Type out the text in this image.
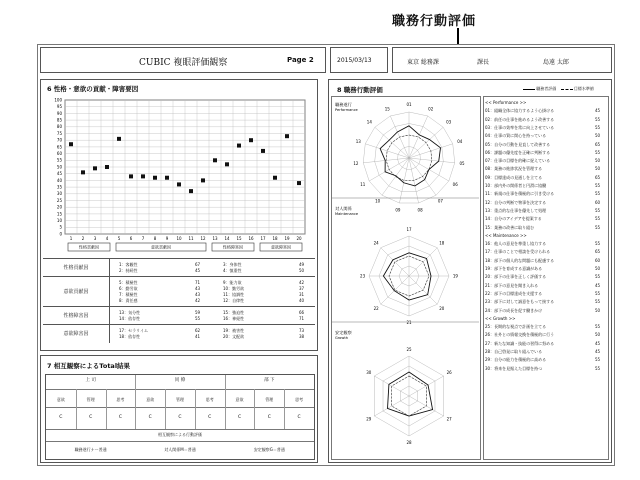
職務行動評価
CUBIC 複眼評価観察	Page 2	2015/03/13	東京 総務課	課長	島遠 太郎
6 性格・意欲の貢献・障害要因
100
95
90
85
80
75
70
65
60
55
50
45
40
35
30
25
20
15
10
5
0
1 2 3 4 5 6 7 8 9 10 11 12 13 14 15 16 17 18 19 20
性格貢献因	意欲貢献因	性格障害因	意欲障害因
性格貢献因
1：客観性	67
2：持続性	45
3：身体性	49
4：慎重性	50
意欲貢献因
5：積極性	71
6：勤労欲	43
7：積極性	43
8：責任感	42
9：能力欲	42
10：勤労欲	37
11：協調性	31
12：自律性	40
性格障害因
13：気分性	59
14：依存性	55
15：強迫性	66
16：神経性	71
意欲障害因
17：セラリイム	62
18：依存性	41
19：被害性	73
20：文配欲	38
7 相互観察によるTotal結果
上 司	同 僚	部 下
意欲	管理	思考	意欲	管理	思考	意欲	管理	思考
C	C	C	C	C	C	C	C	C
相互観察による行動評価
職務遂行ナー普通	対人関係M＝普通	安定観察G＝普通
8 職務行動評価	職務者評価	目標水準値
職務遂行
Performance
01
02
03
04
05
06
07
08
09
10
11
12
13
14
15
対人関係
Maintenance
17
18
19
20
21
22
23
24
安定観察
Growth
25
26
27
28
29
30
<< Performance >>
01：組織全体に協力するよう心掛ける	45
02：前任の仕事を進めるよう改善する	55
03：仕事の効率を常に向上させている	55
04：仕事の質に関心を持っている	50
05：自分の行動を見直して改善する	65
06：課題の優先度を正確に判断する	55
07：仕事の目標を的確に捉えている	50
08：業務の進捗状況を管理する	50
09：目標達成の見通しを立てる	65
10：部内外の関係者と円滑に協働	55
11：新規の仕事を積極的に引き受ける	55
12：自分の判断で物事を決定する	60
13：重点的な仕事を優先して処理	55
14：自分のアイデアを提案する	55
15：業務の改善に取り組む	55
<< Maintenance >>
16：他人の意見を尊重し協力する	55
17：仕事のことで相談を受けられる	65
18：部下の個人的な問題にも配慮する	60
19：部下を育成する意識がある	50
20：部下の仕事を正しく評価する	55
21：部下の意見を聞き入れる	45
22：部下の目標達成を支援する	55
23：部下に対して誠意をもって接する	55
24：部下の成長を促す働きかけ	50
<< Growth >>
25：長期的な視点で計画を立てる	55
26：社外との情報交換を積極的に行う	50
27：新たな知識・技能の習得に努める	45
28：自己啓発に取り組んでいる	45
29：自分の能力を積極的に高める	55
30：将来を見据えた目標を持つ	55
